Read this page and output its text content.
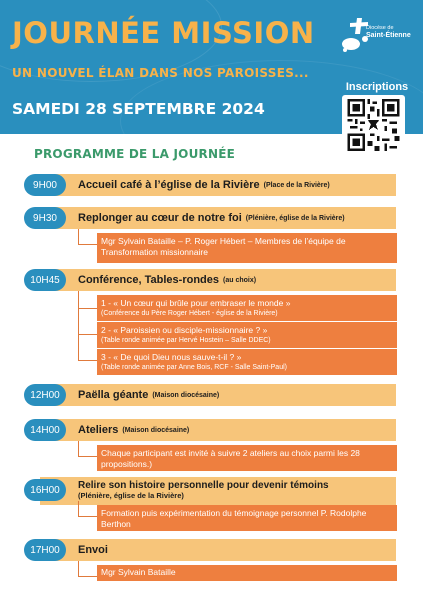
JOURNÉE MISSION
UN NOUVEL ÉLAN DANS NOS PAROISSES...
SAMEDI 28 SEPTEMBRE 2024
Diocèse de
Saint-Étienne
Inscriptions
PROGRAMME DE LA JOURNÉE
Accueil café à l’église de la Rivière (Place de la Rivière)
9H00
Replonger au cœur de notre foi (Plénière, église de la Rivière)
9H30
Mgr Sylvain Bataille – P. Roger Hébert – Membres de l’équipe de Transformation missionnaire
Conférence, Tables-rondes (au choix)
10H45
1 - « Un cœur qui brûle pour embraser le monde »
(Conférence du Père Roger Hébert - église de la Rivière)
2 - « Paroissien ou disciple-missionnaire ? »
(Table ronde animée par Hervé Hostein – Salle DDEC)
3 - « De quoi Dieu nous sauve-t-il ? »
(Table ronde animée par Anne Bois, RCF - Salle Saint-Paul)
Paëlla géante (Maison diocésaine)
12H00
Ateliers (Maison diocésaine)
14H00
Chaque participant est invité à suivre 2 ateliers au choix parmi les 28 propositions.)
Relire son histoire personnelle pour devenir témoins
(Plénière, église de la Rivière)
16H00
Formation puis expérimentation du témoignage personnel P. Rodolphe Berthon
Envoi
17H00
Mgr Sylvain Bataille
